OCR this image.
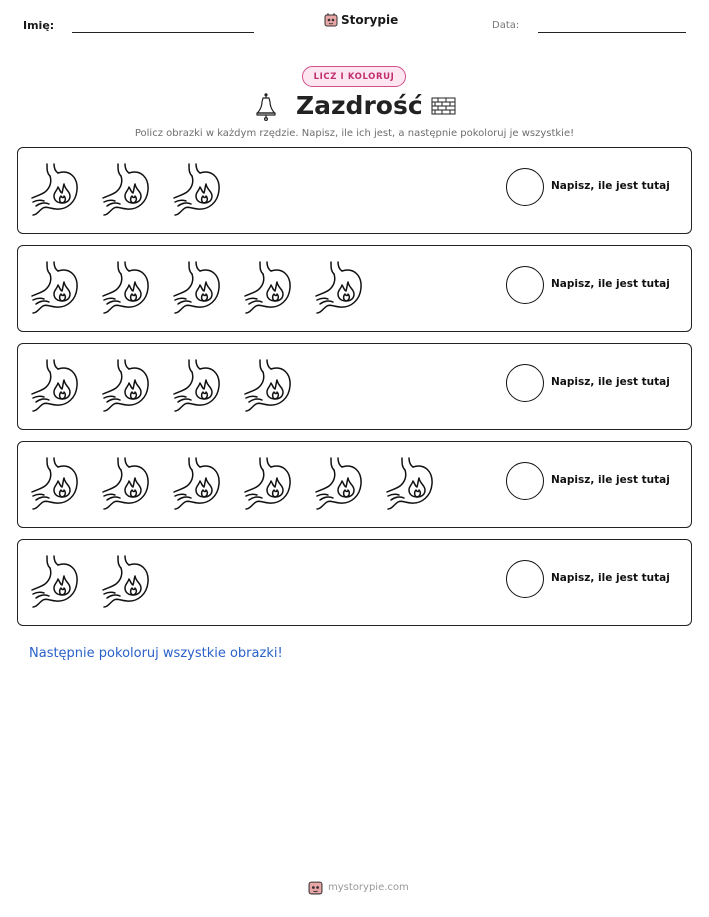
Imię:	Storypie	Data:
LICZ I KOLORUJ
Zazdrość
Policz obrazki w każdym rzędzie. Napisz, ile ich jest, a następnie pokoloruj je wszystkie!
Napisz, ile jest tutaj
Napisz, ile jest tutaj
Napisz, ile jest tutaj
Napisz, ile jest tutaj
Napisz, ile jest tutaj
Następnie pokoloruj wszystkie obrazki!
mystorypie.com
